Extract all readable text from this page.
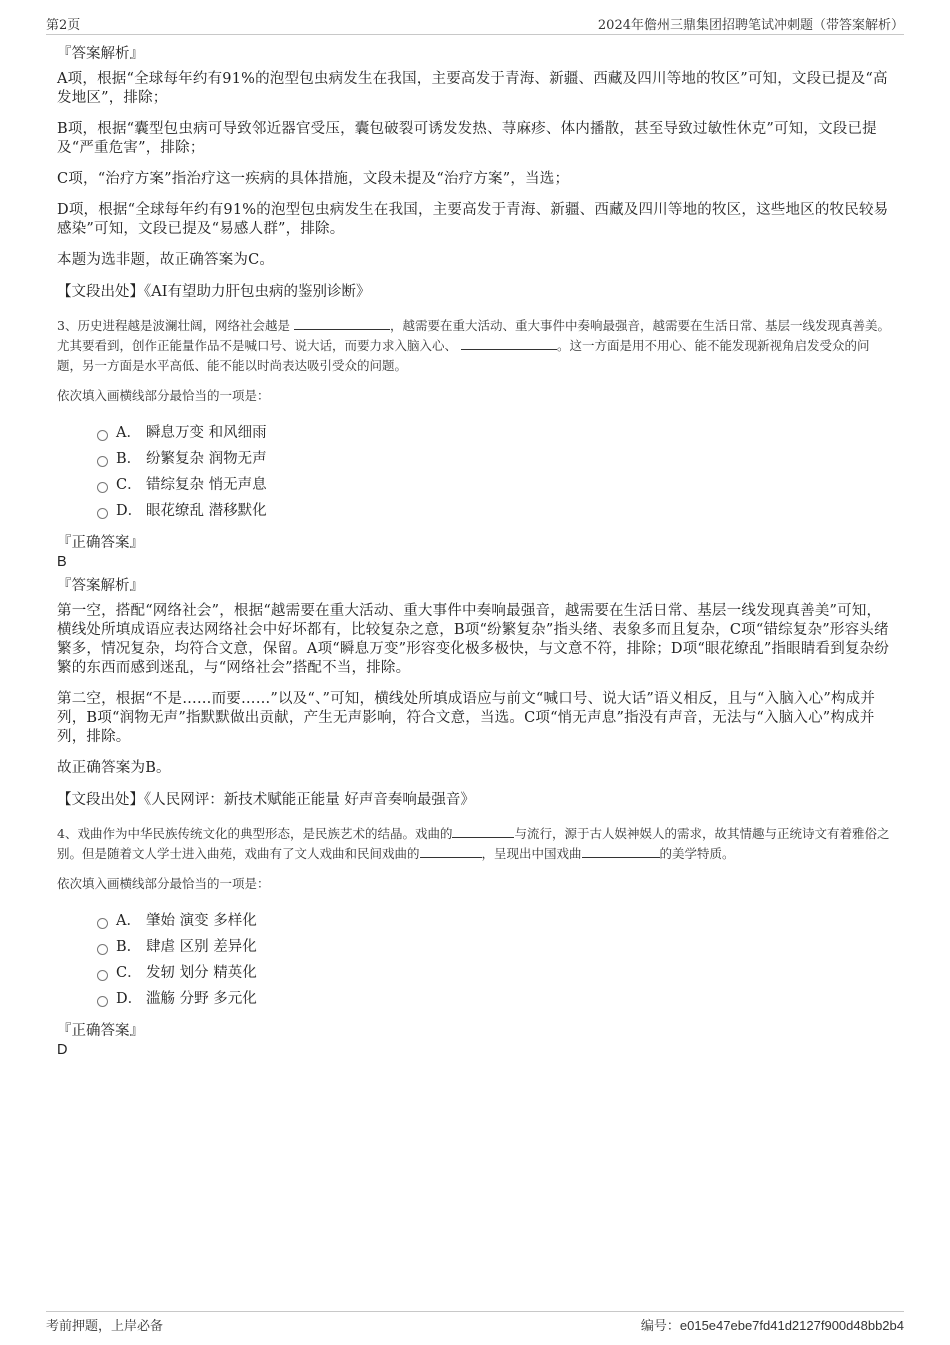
第2页	2024年儋州三鼎集团招聘笔试冲刺题（带答案解析）
『答案解析』

A项，根据“全球每年约有91%的泡型包虫病发生在我国，主要高发于青海、新疆、西藏及四川等地的牧区”可知，文段已提及“高发地区”，排除；

B项，根据“囊型包虫病可导致邻近器官受压，囊包破裂可诱发发热、荨麻疹、体内播散，甚至导致过敏性休克”可知，文段已提及“严重危害”，排除；

C项，“治疗方案”指治疗这一疾病的具体措施，文段未提及“治疗方案”，当选；

D项，根据“全球每年约有91%的泡型包虫病发生在我国，主要高发于青海、新疆、西藏及四川等地的牧区，这些地区的牧民较易感染”可知，文段已提及“易感人群”，排除。

本题为选非题，故正确答案为C。

【文段出处】《AI有望助力肝包虫病的鉴别诊断》
3、历史进程越是波澜壮阔，网络社会越是	，越需要在重大活动、重大事件中奏响最强音，越需要在生活日常、基层一线发现真善美。尤其要看到，创作正能量作品不是喊口号、说大话，而要力求入脑入心、	。这一方面是用不用心、能不能发现新视角启发受众的问题，另一方面是水平高低、能不能以时尚表达吸引受众的问题。
依次填入画横线部分最恰当的一项是：
A． 瞬息万变 和风细雨
B． 纷繁复杂 润物无声
C． 错综复杂 悄无声息
D． 眼花缭乱 潜移默化
『正确答案』
B
『答案解析』

第一空，搭配“网络社会”，根据“越需要在重大活动、重大事件中奏响最强音，越需要在生活日常、基层一线发现真善美”可知，横线处所填成语应表达网络社会中好坏都有，比较复杂之意，B项“纷繁复杂”指头绪、表象多而且复杂，C项“错综复杂”形容头绪繁多，情况复杂，均符合文意，保留。A项“瞬息万变”形容变化极多极快，与文意不符，排除；D项“眼花缭乱”指眼睛看到复杂纷繁的东西而感到迷乱，与“网络社会”搭配不当，排除。

第二空，根据“不是……而要……”以及“、”可知，横线处所填成语应与前文“喊口号、说大话”语义相反，且与“入脑入心”构成并列，B项“润物无声”指默默做出贡献，产生无声影响，符合文意，当选。C项“悄无声息”指没有声音，无法与“入脑入心”构成并列，排除。

故正确答案为B。

【文段出处】《人民网评：新技术赋能正能量 好声音奏响最强音》
4、戏曲作为中华民族传统文化的典型形态，是民族艺术的结晶。戏曲的	与流行，源于古人娱神娱人的需求，故其情趣与正统诗文有着雅俗之别。但是随着文人学士进入曲苑，戏曲有了文人戏曲和民间戏曲的	，呈现出中国戏曲	的美学特质。
依次填入画横线部分最恰当的一项是：
A． 肇始 演变 多样化
B． 肆虐 区别 差异化
C． 发轫 划分 精英化
D． 滥觞 分野 多元化
『正确答案』
D
考前押题，上岸必备	编号：e015e47ebe7fd41d2127f900d48bb2b4
